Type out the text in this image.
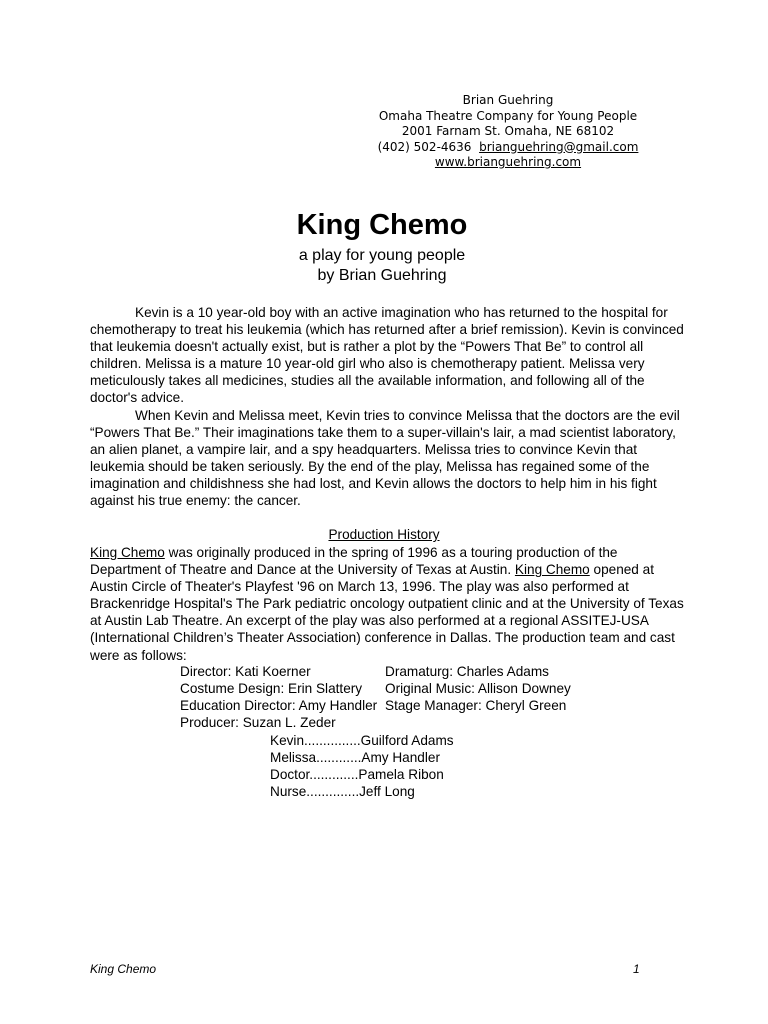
Brian Guehring
Omaha Theatre Company for Young People
2001 Farnam St. Omaha, NE 68102
(402) 502-4636 brianguehring@gmail.com
www.brianguehring.com
King Chemo
a play for young people
by Brian Guehring

Kevin is a 10 year-old boy with an active imagination who has returned to the hospital for chemotherapy to treat his leukemia (which has returned after a brief remission). Kevin is convinced that leukemia doesn't actually exist, but is rather a plot by the “Powers That Be” to control all children. Melissa is a mature 10 year-old girl who also is chemotherapy patient. Melissa very meticulously takes all medicines, studies all the available information, and following all of the doctor's advice.

When Kevin and Melissa meet, Kevin tries to convince Melissa that the doctors are the evil “Powers That Be.” Their imaginations take them to a super-villain's lair, a mad scientist laboratory, an alien planet, a vampire lair, and a spy headquarters. Melissa tries to convince Kevin that leukemia should be taken seriously. By the end of the play, Melissa has regained some of the imagination and childishness she had lost, and Kevin allows the doctors to help him in his fight against his true enemy: the cancer.

Production History
King Chemo was originally produced in the spring of 1996 as a touring production of the Department of Theatre and Dance at the University of Texas at Austin. King Chemo opened at Austin Circle of Theater's Playfest '96 on March 13, 1996. The play was also performed at Brackenridge Hospital's The Park pediatric oncology outpatient clinic and at the University of Texas at Austin Lab Theatre. An excerpt of the play was also performed at a regional ASSITEJ-USA (International Children’s Theater Association) conference in Dallas. The production team and cast were as follows:
Director: Kati Koerner	Dramaturg: Charles Adams
Costume Design: Erin Slattery Original Music: Allison Downey
Education Director: Amy Handler Stage Manager: Cheryl Green
Producer: Suzan L. Zeder
Kevin...............Guilford Adams
Melissa............Amy Handler
Doctor.............Pamela Ribon
Nurse..............Jeff Long
King Chemo	1
